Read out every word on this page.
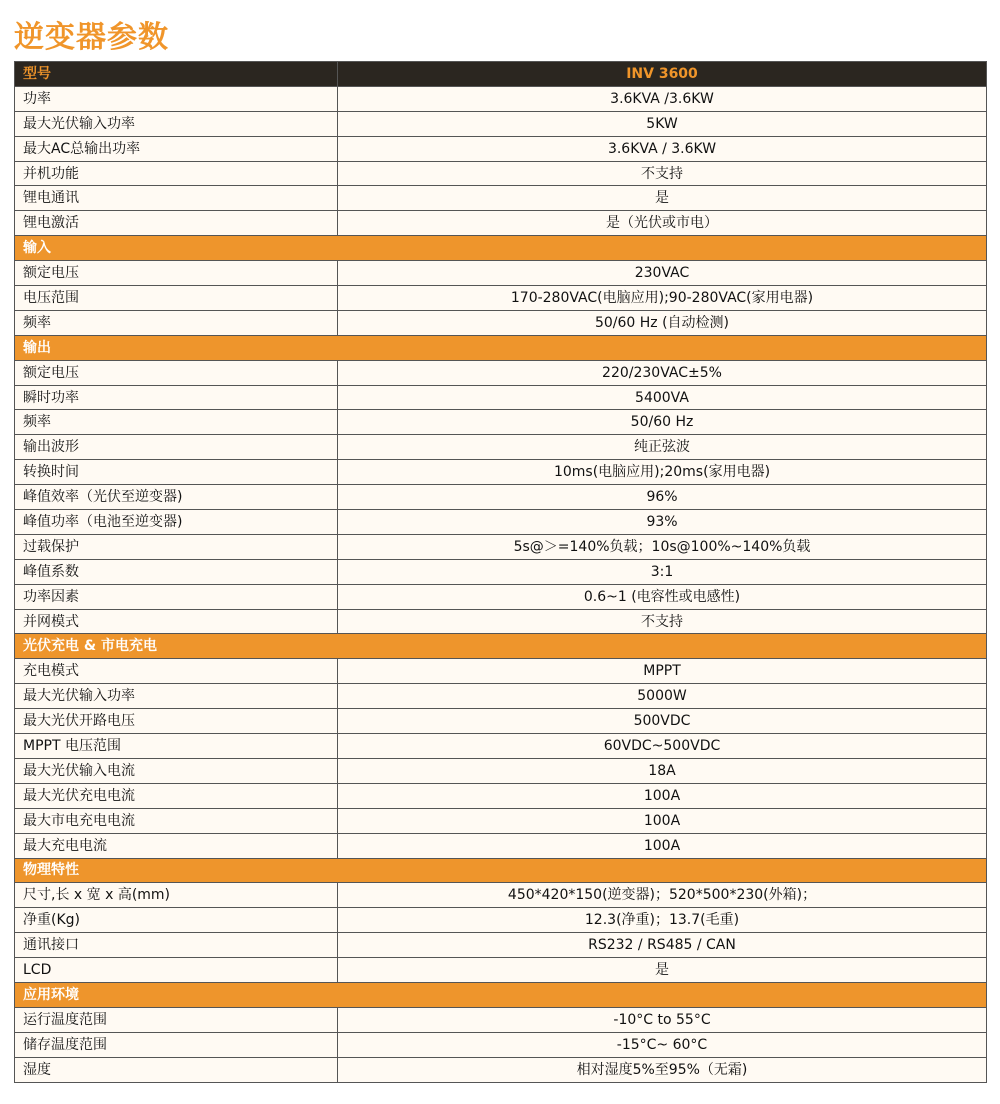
逆变器参数
型号	INV 3600
功率	3.6KVA /3.6KW
最大光伏输入功率	5KW
最大AC总输出功率	3.6KVA / 3.6KW
并机功能	不支持
锂电通讯	是
锂电激活	是（光伏或市电）
输入	
额定电压	230VAC
电压范围	170-280VAC(电脑应用);90-280VAC(家用电器)
频率	50/60 Hz (自动检测)
输出	
额定电压	220/230VAC±5%
瞬时功率	5400VA
频率	50/60 Hz
输出波形	纯正弦波
转换时间	10ms(电脑应用);20ms(家用电器)
峰值效率（光伏至逆变器)	96%
峰值功率（电池至逆变器)	93%
过载保护	5s@＞=140%负载；10s@100%~140%负载
峰值系数	3:1
功率因素	0.6~1 (电容性或电感性)
并网模式	不支持
光伏充电 & 市电充电	
充电模式	MPPT
最大光伏输入功率	5000W
最大光伏开路电压	500VDC
MPPT 电压范围	60VDC~500VDC
最大光伏输入电流	18A
最大光伏充电电流	100A
最大市电充电电流	100A
最大充电电流	100A
物理特性	
尺寸,长 x 宽 x 高(mm)	450*420*150(逆变器)；520*500*230(外箱)；
净重(Kg)	12.3(净重)；13.7(毛重)
通讯接口	RS232 / RS485 / CAN
LCD	是
应用环境	
运行温度范围	-10°C to 55°C
储存温度范围	-15°C~ 60°C
湿度	相对湿度5%至95%（无霜)
